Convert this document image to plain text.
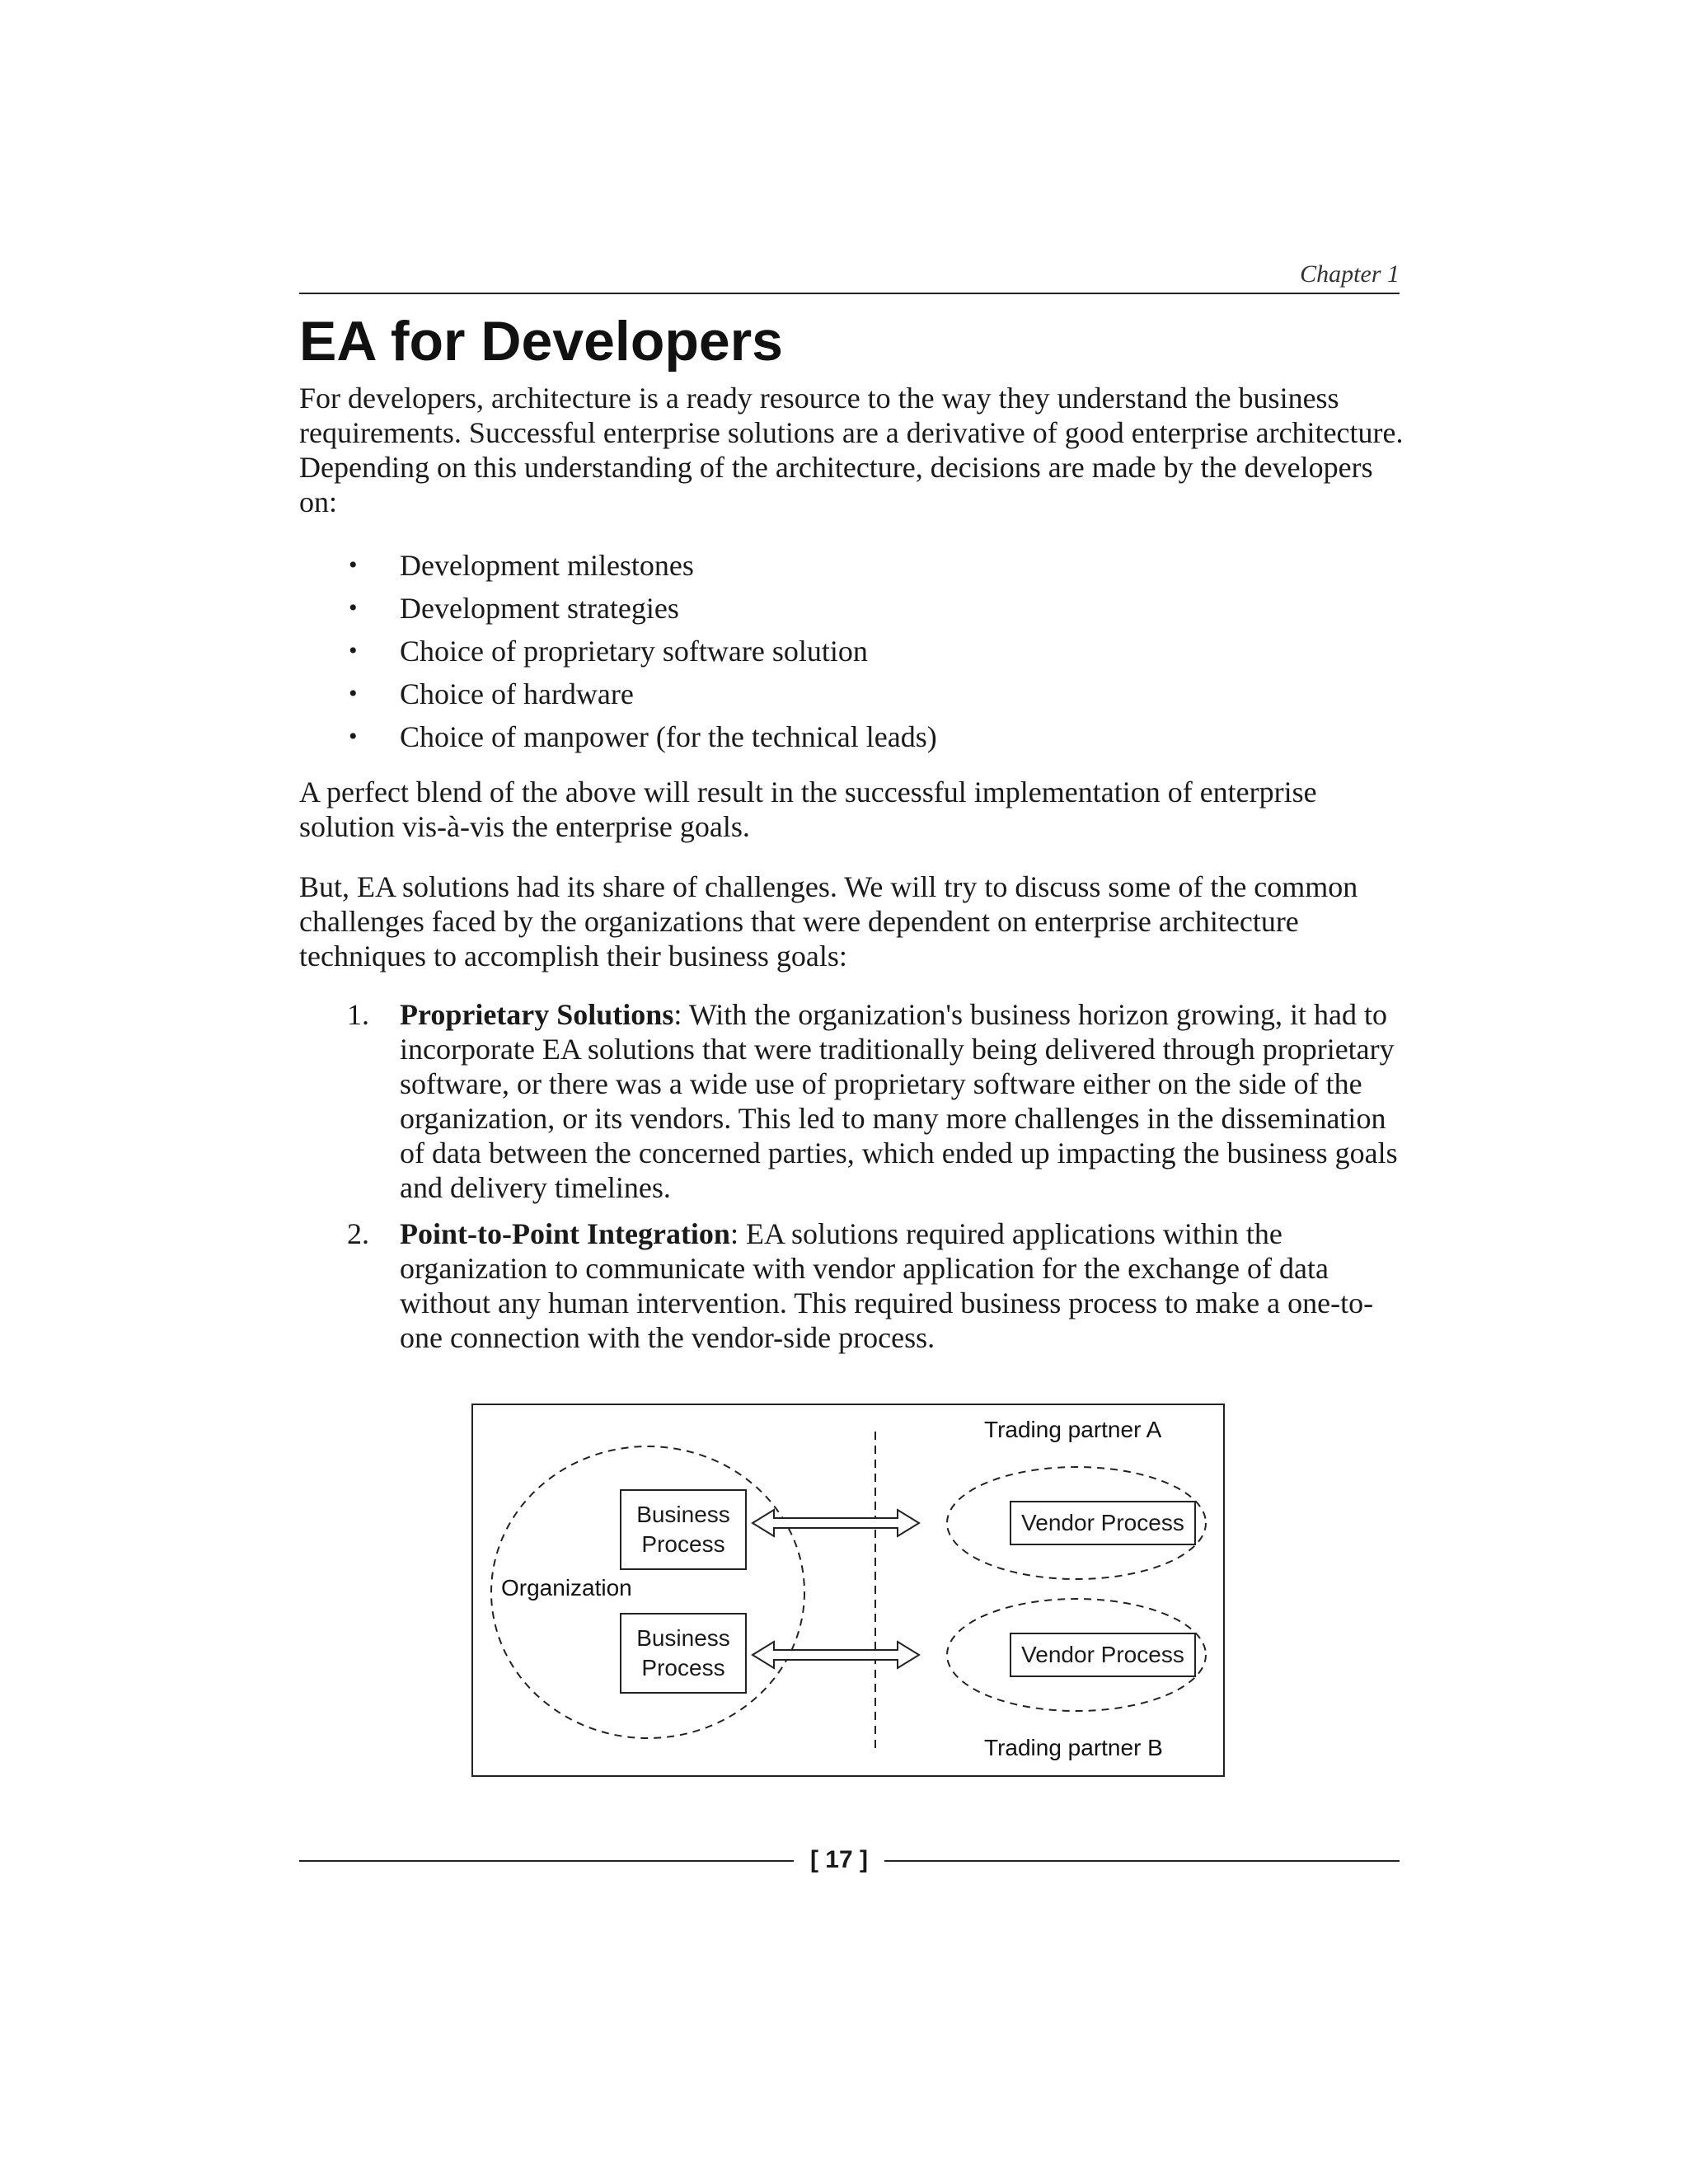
Chapter 1
EA for Developers

For developers, architecture is a ready resource to the way they understand the business requirements. Successful enterprise solutions are a derivative of good enterprise architecture. Depending on this understanding of the architecture, decisions are made by the developers on:

• Development milestones
• Development strategies
• Choice of proprietary software solution
• Choice of hardware
• Choice of manpower (for the technical leads)

A perfect blend of the above will result in the successful implementation of enterprise solution vis-à-vis the enterprise goals.

But, EA solutions had its share of challenges. We will try to discuss some of the common challenges faced by the organizations that were dependent on enterprise architecture techniques to accomplish their business goals:

1. Proprietary Solutions: With the organization's business horizon growing, it had to incorporate EA solutions that were traditionally being delivered through proprietary software, or there was a wide use of proprietary software either on the side of the organization, or its vendors. This led to many more challenges in the dissemination of data between the concerned parties, which ended up impacting the business goals and delivery timelines.
2. Point-to-Point Integration: EA solutions required applications within the organization to communicate with vendor application for the exchange of data without any human intervention. This required business process to make a one-to-one connection with the vendor-side process.
Trading partner A
Organization
Trading partner B
Business Process
Business Process
Vendor Process
Vendor Process
[ 17 ]
